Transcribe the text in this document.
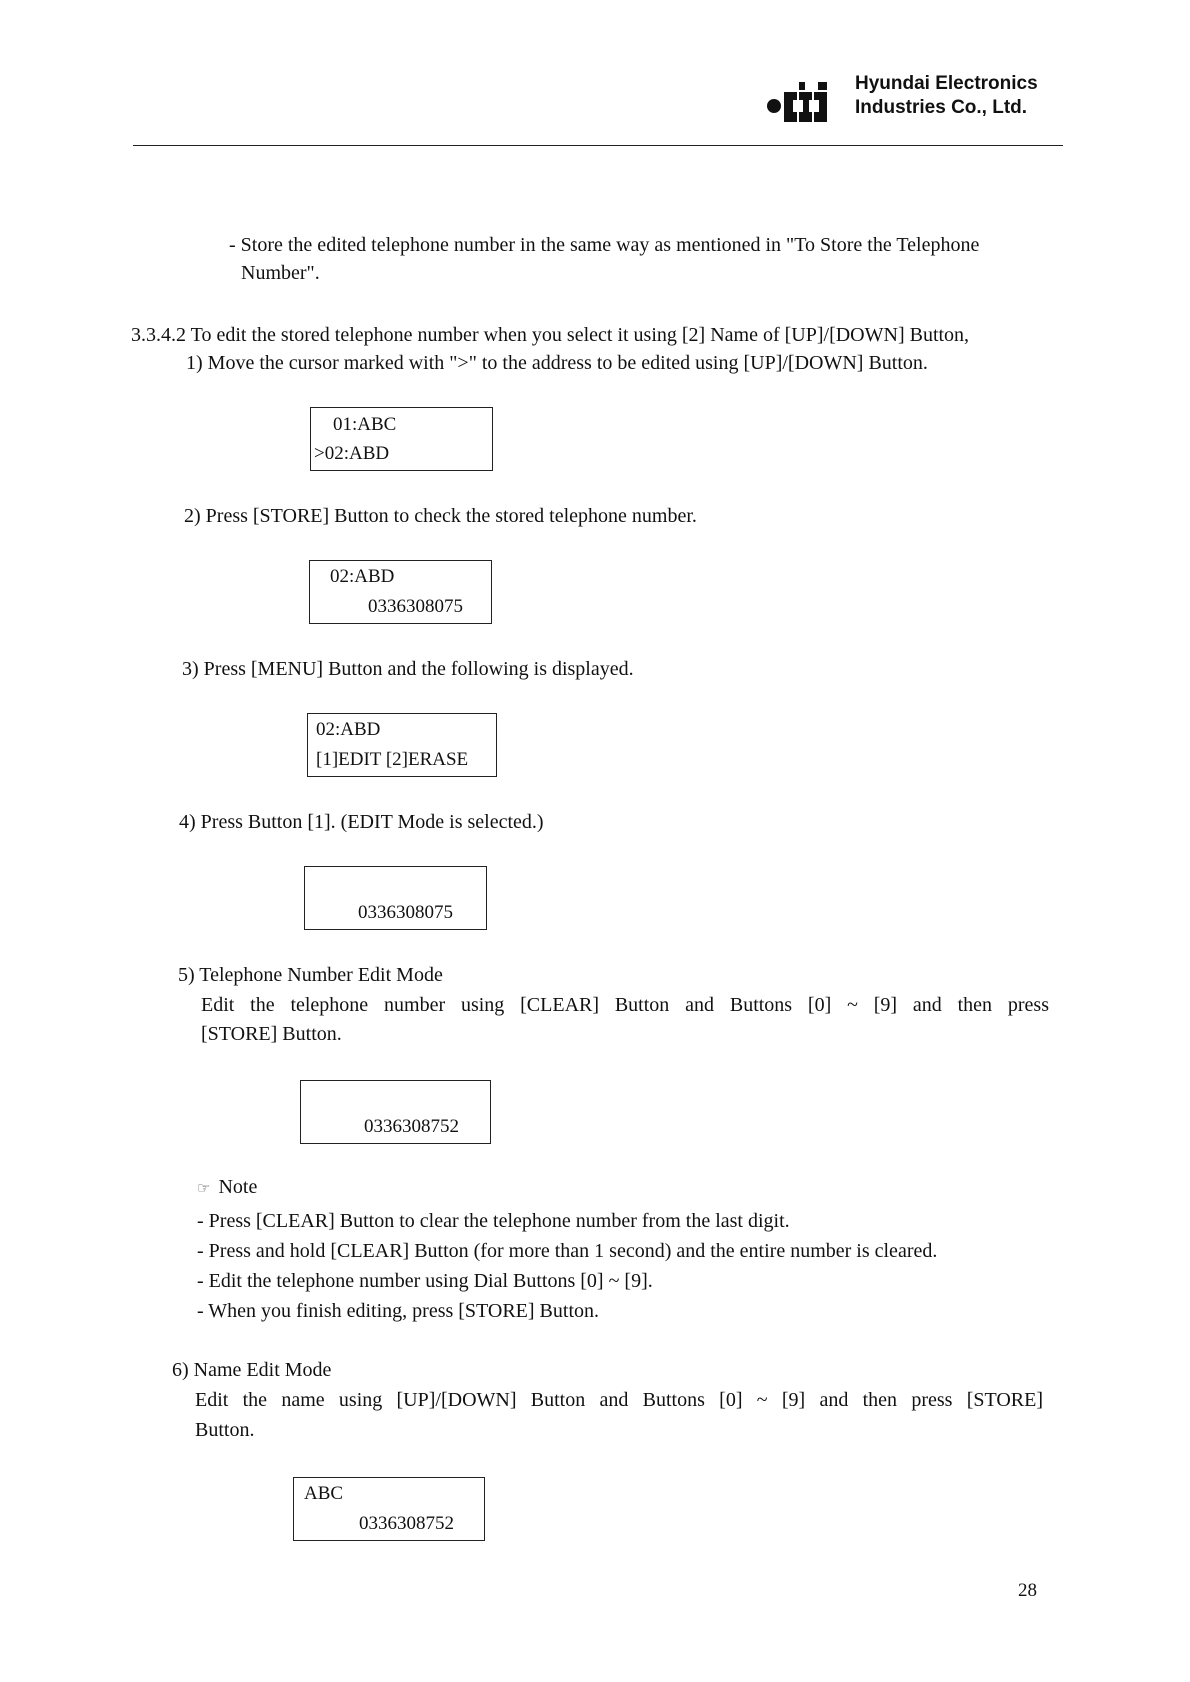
Hyundai Electronics
Industries Co., Ltd.
- Store the edited telephone number in the same way as mentioned in "To Store the Telephone
Number".
3.3.4.2 To edit the stored telephone number when you select it using [2] Name of [UP]/[DOWN] Button,
1) Move the cursor marked with ">" to the address to be edited using [UP]/[DOWN] Button.
01:ABC
>02:ABD
2) Press [STORE] Button to check the stored telephone number.
02:ABD
0336308075
3) Press [MENU] Button and the following is displayed.
02:ABD
[1]EDIT [2]ERASE
4) Press Button [1]. (EDIT Mode is selected.)
0336308075
5) Telephone Number Edit Mode
Edit the telephone number using [CLEAR] Button and Buttons [0] ~ [9] and then press
[STORE] Button.
0336308752
☞ Note
- Press [CLEAR] Button to clear the telephone number from the last digit.
- Press and hold [CLEAR] Button (for more than 1 second) and the entire number is cleared.
- Edit the telephone number using Dial Buttons [0] ~ [9].
- When you finish editing, press [STORE] Button.
6) Name Edit Mode
Edit the name using [UP]/[DOWN] Button and Buttons [0] ~ [9] and then press [STORE]
Button.
ABC
0336308752
28
